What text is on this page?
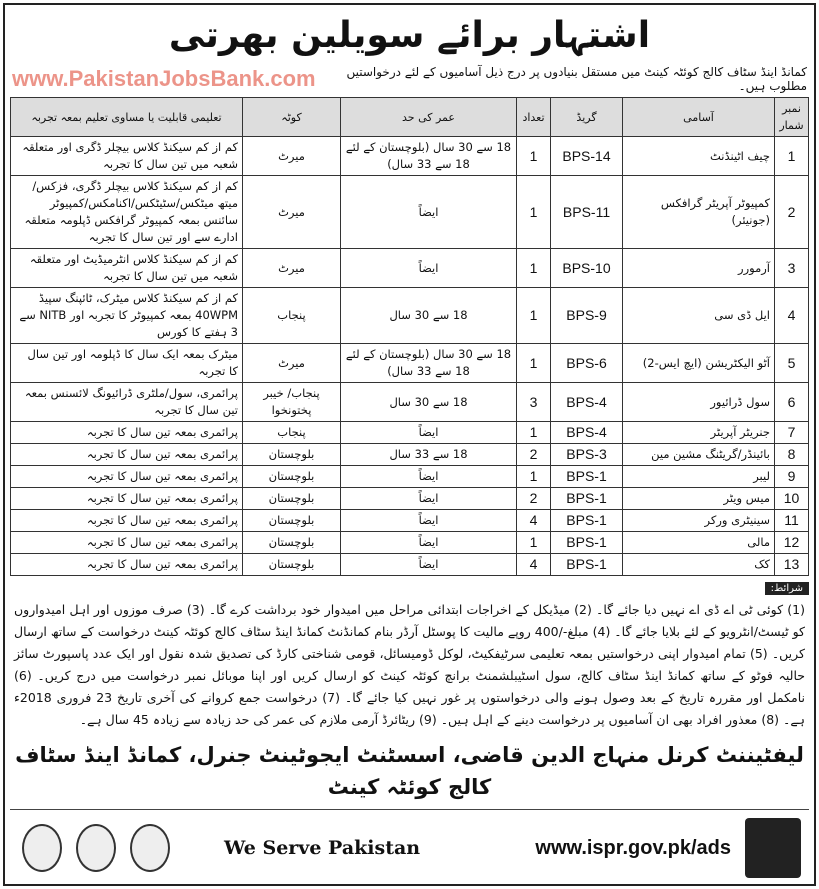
اشتہار برائے سویلین بھرتی
www.PakistanJobsBank.com	کمانڈ اینڈ سٹاف کالج کوئٹہ کینٹ میں مستقل بنیادوں پر درج ذیل آسامیوں کے لئے درخواستیں مطلوب ہیں۔
نمبر شمار	آسامی	گریڈ	تعداد	عمر کی حد	کوٹہ	تعلیمی قابلیت یا مساوی تعلیم بمعہ تجربہ
1	چیف اٹینڈنٹ	BPS-14	1	18 سے 30 سال (بلوچستان کے لئے 18 سے 33 سال)	میرٹ	کم از کم سیکنڈ کلاس بیچلر ڈگری اور متعلقہ شعبہ میں تین سال کا تجربہ
2	کمپیوٹر آپریٹر گرافکس (جونیئر)	BPS-11	1	ایضاً	میرٹ	کم از کم سیکنڈ کلاس بیچلر ڈگری، فزکس/میتھ میٹکس/سٹیٹکس/اکنامکس/کمپیوٹر سائنس بمعہ کمپیوٹر گرافکس ڈپلومہ متعلقہ ادارے سے اور تین سال کا تجربہ
3	آرمورر	BPS-10	1	ایضاً	میرٹ	کم از کم سیکنڈ کلاس انٹرمیڈیٹ اور متعلقہ شعبہ میں تین سال کا تجربہ
4	ایل ڈی سی	BPS-9	1	18 سے 30 سال	پنجاب	کم از کم سیکنڈ کلاس میٹرک، ٹائپنگ سپیڈ 40WPM بمعہ کمپیوٹر کا تجربہ اور NITB سے 3 ہفتے کا کورس
5	آٹو الیکٹریشن (ایچ ایس-2)	BPS-6	1	18 سے 30 سال (بلوچستان کے لئے 18 سے 33 سال)	میرٹ	میٹرک بمعہ ایک سال کا ڈپلومہ اور تین سال کا تجربہ
6	سول ڈرائیور	BPS-4	3	18 سے 30 سال	پنجاب/ خیبر پختونخوا	پرائمری، سول/ملٹری ڈرائیونگ لائسنس بمعہ تین سال کا تجربہ
7	جنریٹر آپریٹر	BPS-4	1	ایضاً	پنجاب	پرائمری بمعہ تین سال کا تجربہ
8	بائینڈر/گریٹنگ مشین مین	BPS-3	2	18 سے 33 سال	بلوچستان	پرائمری بمعہ تین سال کا تجربہ
9	لیبر	BPS-1	1	ایضاً	بلوچستان	پرائمری بمعہ تین سال کا تجربہ
10	میس ویٹر	BPS-1	2	ایضاً	بلوچستان	پرائمری بمعہ تین سال کا تجربہ
11	سینیٹری ورکر	BPS-1	4	ایضاً	بلوچستان	پرائمری بمعہ تین سال کا تجربہ
12	مالی	BPS-1	1	ایضاً	بلوچستان	پرائمری بمعہ تین سال کا تجربہ
13	کک	BPS-1	4	ایضاً	بلوچستان	پرائمری بمعہ تین سال کا تجربہ
شرائط:
(1) کوئی ٹی اے ڈی اے نہیں دیا جائے گا۔ (2) میڈیکل کے اخراجات ابتدائی مراحل میں امیدوار خود برداشت کرے گا۔ (3) صرف موزوں اور اہل امیدواروں کو ٹیسٹ/انٹرویو کے لئے بلایا جائے گا۔ (4) مبلغ-/400 روپے مالیت کا پوسٹل آرڈر بنام کمانڈنٹ کمانڈ اینڈ سٹاف کالج کوئٹہ کینٹ درخواست کے ساتھ ارسال کریں۔ (5) تمام امیدوار اپنی درخواستیں بمعہ تعلیمی سرٹیفکیٹ، لوکل ڈومیسائل، قومی شناختی کارڈ کی تصدیق شدہ نقول اور ایک عدد پاسپورٹ سائز حالیہ فوٹو کے ساتھ کمانڈ اینڈ سٹاف کالج، سول اسٹیبلشمنٹ برانچ کوئٹہ کینٹ کو ارسال کریں اور اپنا موبائل نمبر درخواست میں درج کریں۔ (6) نامکمل اور مقررہ تاریخ کے بعد وصول ہونے والی درخواستوں پر غور نہیں کیا جائے گا۔ (7) درخواست جمع کروانے کی آخری تاریخ 23 فروری 2018ء ہے۔ (8) معذور افراد بھی ان آسامیوں پر درخواست دینے کے اہل ہیں۔ (9) ریٹائرڈ آرمی ملازم کی عمر کی حد زیادہ سے زیادہ 45 سال ہے۔
لیفٹیننٹ کرنل منہاج الدین قاضی، اسسٹنٹ ایجوٹینٹ جنرل، کمانڈ اینڈ سٹاف کالج کوئٹہ کینٹ
We Serve Pakistan	www.ispr.gov.pk/ads
